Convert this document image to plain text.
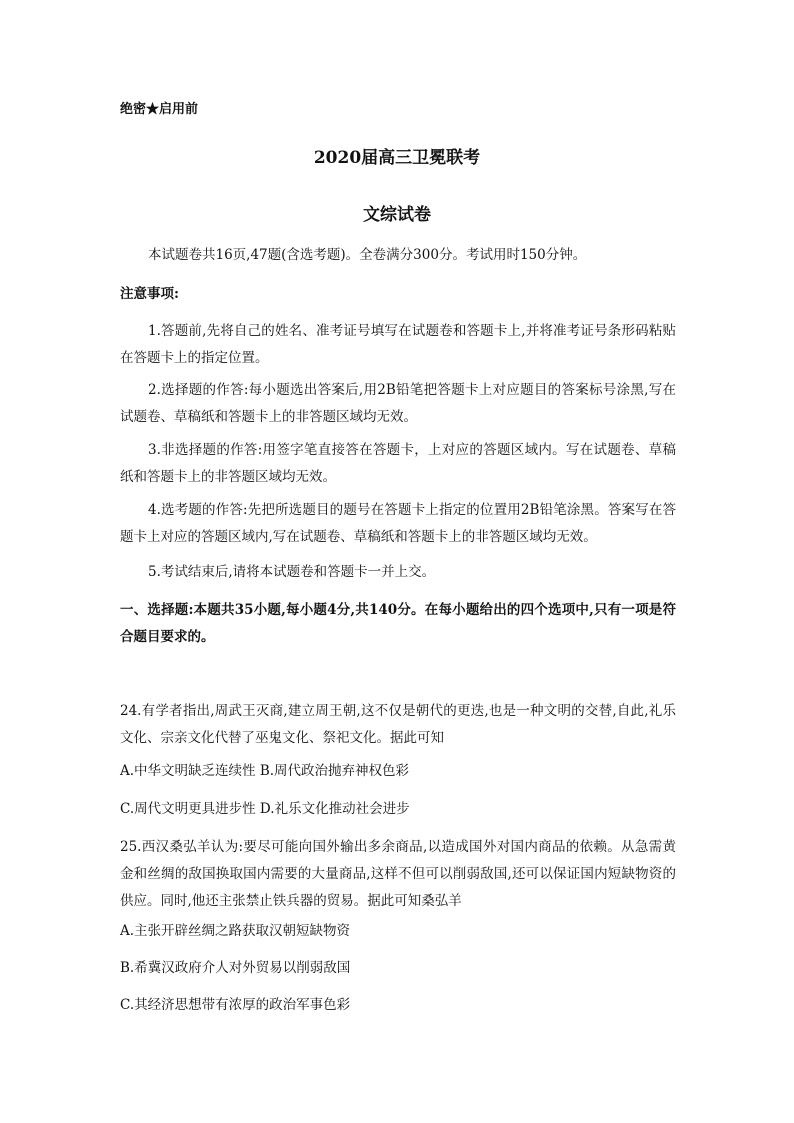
绝密★启用前
2020届高三卫冕联考
文综试卷
本试题卷共16页,47题(含选考题)。全卷满分300分。考试用时150分钟。
注意事项:
1.答题前,先将自己的姓名、准考证号填写在试题卷和答题卡上,并将准考证号条形码粘贴在答题卡上的指定位置。
2.选择题的作答:每小题选出答案后,用2B铅笔把答题卡上对应题目的答案标号涂黑,写在试题卷、草稿纸和答题卡上的非答题区域均无效。
3.非选择题的作答:用签字笔直接答在答题卡，上对应的答题区域内。写在试题卷、草稿纸和答题卡上的非答题区域均无效。
4.选考题的作答:先把所选题目的题号在答题卡上指定的位置用2B铅笔涂黑。答案写在答题卡上对应的答题区域内,写在试题卷、草稿纸和答题卡上的非答题区域均无效。
5.考试结束后,请将本试题卷和答题卡一并上交。
一、选择题:本题共35小题,每小题4分,共140分。在每小题给出的四个选项中,只有一项是符合题目要求的。
24.有学者指出,周武王灭商,建立周王朝,这不仅是朝代的更迭,也是一种文明的交替,自此,礼乐文化、宗亲文化代替了巫鬼文化、祭祀文化。据此可知
A.中华文明缺乏连续性 B.周代政治抛弃神权色彩
C.周代文明更具进步性 D.礼乐文化推动社会进步
25.西汉桑弘羊认为:要尽可能向国外输出多余商品,以造成国外对国内商品的依赖。从急需黄金和丝绸的敌国换取国内需要的大量商品,这样不但可以削弱敌国,还可以保证国内短缺物资的供应。同时,他还主张禁止铁兵器的贸易。据此可知桑弘羊
A.主张开辟丝绸之路获取汉朝短缺物资
B.希冀汉政府介人对外贸易以削弱敌国
C.其经济思想带有浓厚的政治军事色彩
